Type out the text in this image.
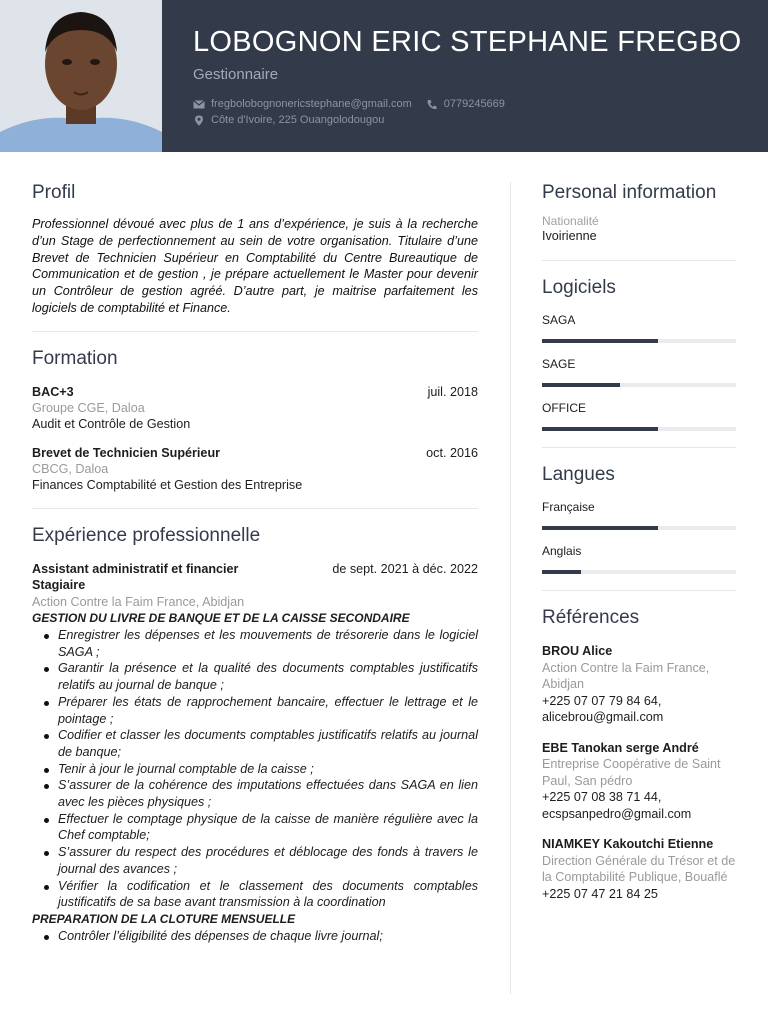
LOBOGNON ERIC STEPHANE FREGBO
Gestionnaire
fregbolobognonericstephane@gmail.com	0779245669
Côte d'Ivoire, 225 Ouangolodougou
Profil

Professionnel dévoué avec plus de 1 ans d’expérience, je suis à la recherche d’un Stage de perfectionnement au sein de votre organisation. Titulaire d’une Brevet de Technicien Supérieur en Comptabilité du Centre Bureautique de Communication et de gestion , je prépare actuellement le Master pour devenir un Contrôleur de gestion agréé. D’autre part, je maitrise parfaitement les logiciels de comptabilité et Finance.

Formation
BAC+3	juil. 2018
Groupe CGE, Daloa
Audit et Contrôle de Gestion
Brevet de Technicien Supérieur	oct. 2016
CBCG, Daloa
Finances Comptabilité et Gestion des Entreprise
Expérience professionnelle
Assistant administratif et financier Stagiaire
de sept. 2021 à déc. 2022
Action Contre la Faim France, Abidjan
GESTION DU LIVRE DE BANQUE ET DE LA CAISSE SECONDAIRE
Enregistrer les dépenses et les mouvements de trésorerie dans le logiciel SAGA ;
Garantir la présence et la qualité des documents comptables justificatifs relatifs au journal de banque ;
Préparer les états de rapprochement bancaire, effectuer le lettrage et le pointage ;
Codifier et classer les documents comptables justificatifs relatifs au journal de banque;
Tenir à jour le journal comptable de la caisse ;
S’assurer de la cohérence des imputations effectuées dans SAGA en lien avec les pièces physiques ;
Effectuer le comptage physique de la caisse de manière régulière avec la Chef comptable;
S’assurer du respect des procédures et déblocage des fonds à travers le journal des avances ;
Vérifier la codification et le classement des documents comptables justificatifs de sa base avant transmission à la coordination
PREPARATION DE LA CLOTURE MENSUELLE
Contrôler l’éligibilité des dépenses de chaque livre journal;
Personal information
Nationalité
Ivoirienne
Logiciels
SAGA
SAGE
OFFICE
Langues
Française
Anglais
Références
BROU Alice
Action Contre la Faim France, Abidjan
+225 07 07 79 84 64, alicebrou@gmail.com
EBE Tanokan serge André
Entreprise Coopérative de Saint Paul, San pédro
+225 07 08 38 71 44, ecspsanpedro@gmail.com
NIAMKEY Kakoutchi Etienne
Direction Générale du Trésor et de la Comptabilité Publique, Bouaflé
+225 07 47 21 84 25
